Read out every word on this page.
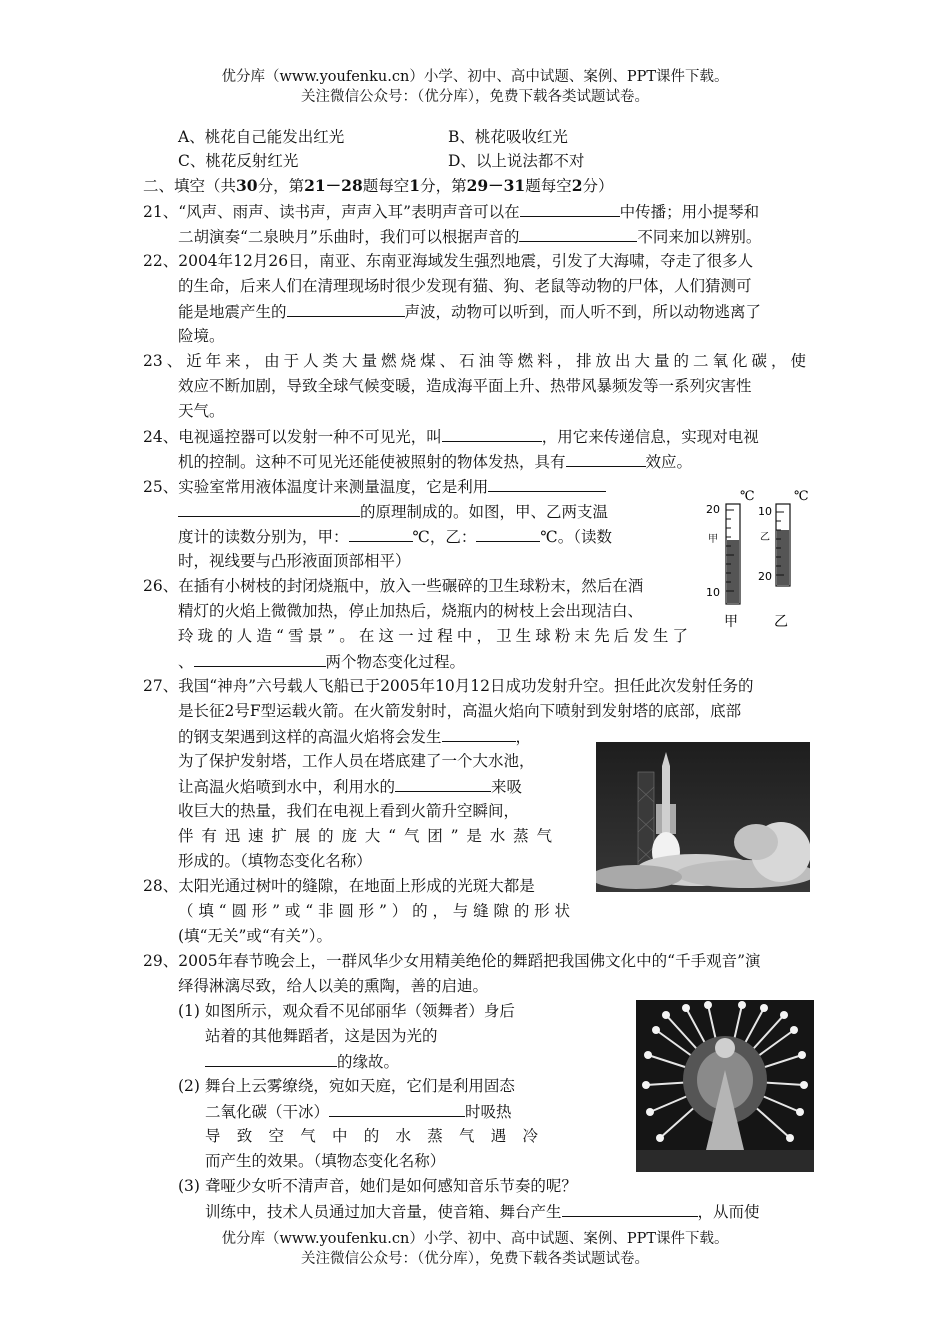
优分库（www.youfenku.cn）小学、初中、高中试题、案例、PPT课件下载。
关注微信公众号：（优分库），免费下载各类试题试卷。
A、桃花自己能发出红光	B、桃花吸收红光
C、桃花反射红光	D、以上说法都不对
二、填空（共30分，第21－28题每空1分，第29－31题每空2分）
21、“风声、雨声、读书声，声声入耳”表明声音可以在	中传播；用小提琴和
二胡演奏“二泉映月”乐曲时，我们可以根据声音的	不同来加以辨别。
22、2004年12月26日，南亚、东南亚海域发生强烈地震，引发了大海啸，夺走了很多人
的生命，后来人们在清理现场时很少发现有猫、狗、老鼠等动物的尸体，人们猜测可
能是地震产生的	声波，动物可以听到，而人听不到，所以动物逃离了
险境。
23、近年来，由于人类大量燃烧煤、石油等燃料，排放出大量的二氧化碳，使
效应不断加剧，导致全球气候变暖，造成海平面上升、热带风暴频发等一系列灾害性
天气。
24、电视遥控器可以发射一种不可见光，叫	，用它来传递信息，实现对电视
机的控制。这种不可见光还能使被照射的物体发热，具有	效应。
25、实验室常用液体温度计来测量温度，它是利用
的原理制成的。如图，甲、乙两支温
度计的读数分别为，甲：	℃，乙：	℃。（读数
时，视线要与凸形液面顶部相平）
℃	℃
20
甲
10
10
乙
20
甲	乙
26、在插有小树枝的封闭烧瓶中，放入一些碾碎的卫生球粉末，然后在酒
精灯的火焰上微微加热，停止加热后，烧瓶内的树枝上会出现洁白、
玲珑的人造“雪景”。在这一过程中，卫生球粉末先后发生了
、	两个物态变化过程。
27、我国“神舟”六号载人飞船已于2005年10月12日成功发射升空。担任此次发射任务的
是长征2号F型运载火箭。在火箭发射时，高温火焰向下喷射到发射塔的底部，底部
的钢支架遇到这样的高温火焰将会发生	，
为了保护发射塔，工作人员在塔底建了一个大水池，
让高温火焰喷到水中，利用水的	来吸
收巨大的热量，我们在电视上看到火箭升空瞬间，
伴有迅速扩展的庞大“气团”是水蒸气
形成的。（填物态变化名称）
28、太阳光通过树叶的缝隙，在地面上形成的光斑大都是
（填“圆形”或“非圆形”）的，与缝隙的形状
(填“无关”或“有关”）。
29、2005年春节晚会上，一群风华少女用精美绝伦的舞蹈把我国佛文化中的“千手观音”演
绎得淋漓尽致，给人以美的熏陶，善的启迪。
(1) 如图所示，观众看不见邰丽华（领舞者）身后
站着的其他舞蹈者，这是因为光的
的缘故。
(2) 舞台上云雾缭绕，宛如天庭，它们是利用固态
二氧化碳（干冰）	时吸热
导致空气中的水蒸气遇冷
而产生的效果。（填物态变化名称）
(3) 聋哑少女听不清声音，她们是如何感知音乐节奏的呢？
训练中，技术人员通过加大音量，使音箱、舞台产生	，从而使
优分库（www.youfenku.cn）小学、初中、高中试题、案例、PPT课件下载。
关注微信公众号：（优分库），免费下载各类试题试卷。
